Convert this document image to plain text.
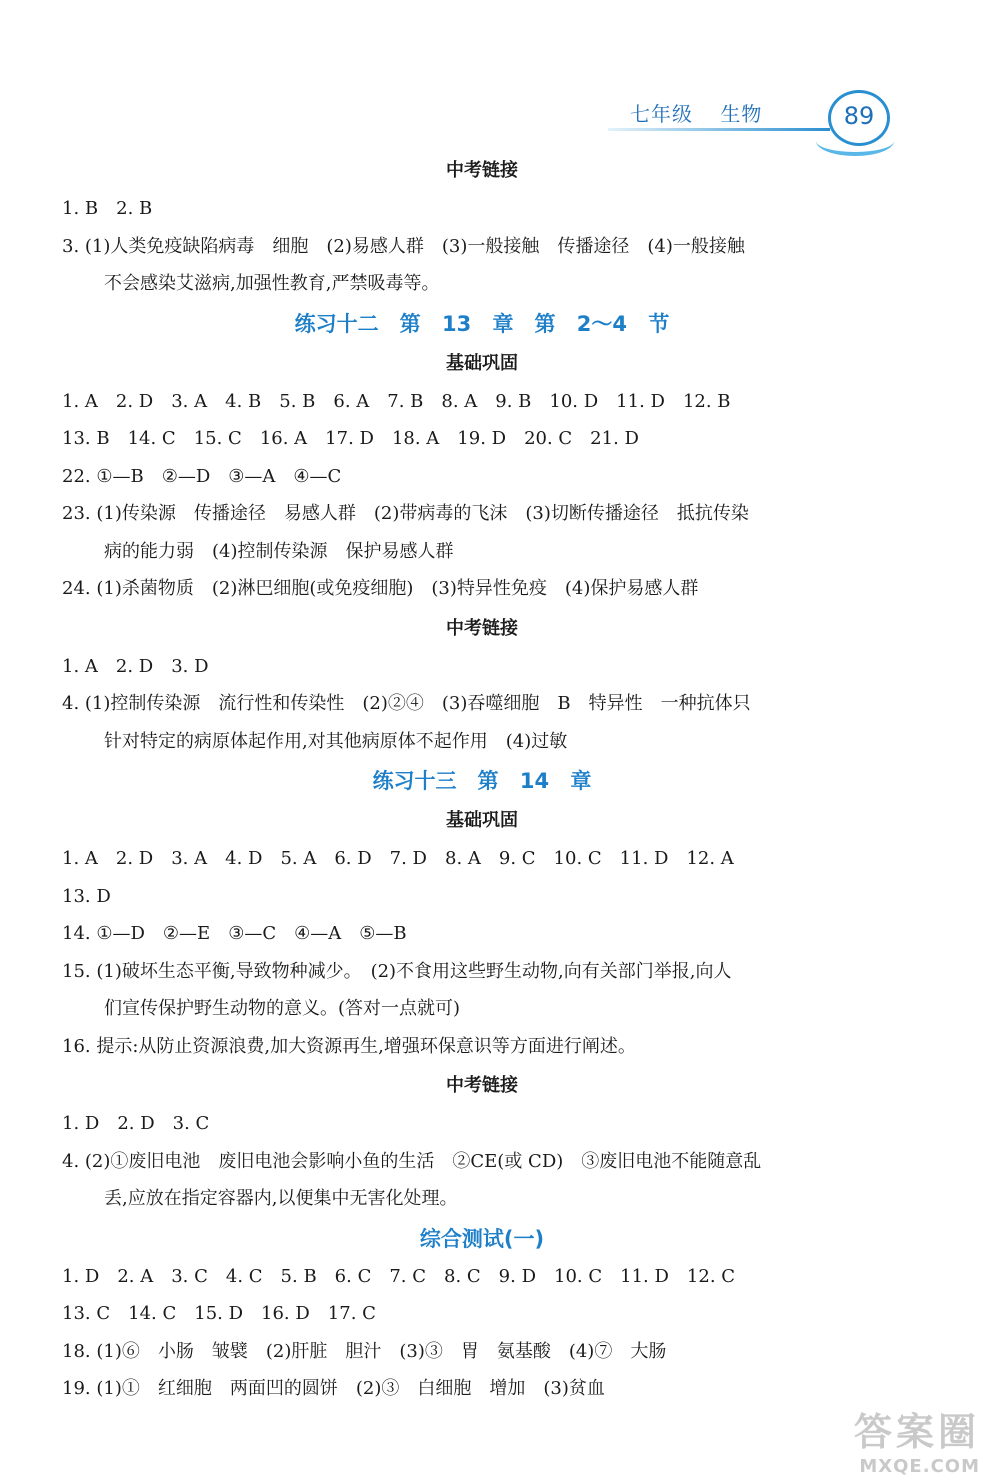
七年级 生物	89
中考链接
1. B　2. B
3. (1)人类免疫缺陷病毒　细胞　(2)易感人群　(3)一般接触　传播途径　(4)一般接触
不会感染艾滋病,加强性教育,严禁吸毒等。
练习十二　第 13 章　第 2～4 节
基础巩固
1. A　2. D　3. A　4. B　5. B　6. A　7. B　8. A　9. B　10. D　11. D　12. B
13. B　14. C　15. C　16. A　17. D　18. A　19. D　20. C　21. D
22. ①—B　②—D　③—A　④—C
23. (1)传染源　传播途径　易感人群　(2)带病毒的飞沫　(3)切断传播途径　抵抗传染
病的能力弱　(4)控制传染源　保护易感人群
24. (1)杀菌物质　(2)淋巴细胞(或免疫细胞)　(3)特异性免疫　(4)保护易感人群
中考链接
1. A　2. D　3. D
4. (1)控制传染源　流行性和传染性　(2)②④　(3)吞噬细胞　B　特异性　一种抗体只
针对特定的病原体起作用,对其他病原体不起作用　(4)过敏
练习十三　第 14 章
基础巩固
1. A　2. D　3. A　4. D　5. A　6. D　7. D　8. A　9. C　10. C　11. D　12. A
13. D
14. ①—D　②—E　③—C　④—A　⑤—B
15. (1)破坏生态平衡,导致物种减少。　(2)不食用这些野生动物,向有关部门举报,向人
们宣传保护野生动物的意义。(答对一点就可)
16. 提示:从防止资源浪费,加大资源再生,增强环保意识等方面进行阐述。
中考链接
1. D　2. D　3. C
4. (2)①废旧电池　废旧电池会影响小鱼的生活　②CE(或 CD)　③废旧电池不能随意乱
丢,应放在指定容器内,以便集中无害化处理。
综合测试(一)
1. D　2. A　3. C　4. C　5. B　6. C　7. C　8. C　9. D　10. C　11. D　12. C
13. C　14. C　15. D　16. D　17. C
18. (1)⑥　小肠　皱襞　(2)肝脏　胆汁　(3)③　胃　氨基酸　(4)⑦　大肠
19. (1)①　红细胞　两面凹的圆饼　(2)③　白细胞　增加　(3)贫血
答案圈
MXQE.COM
